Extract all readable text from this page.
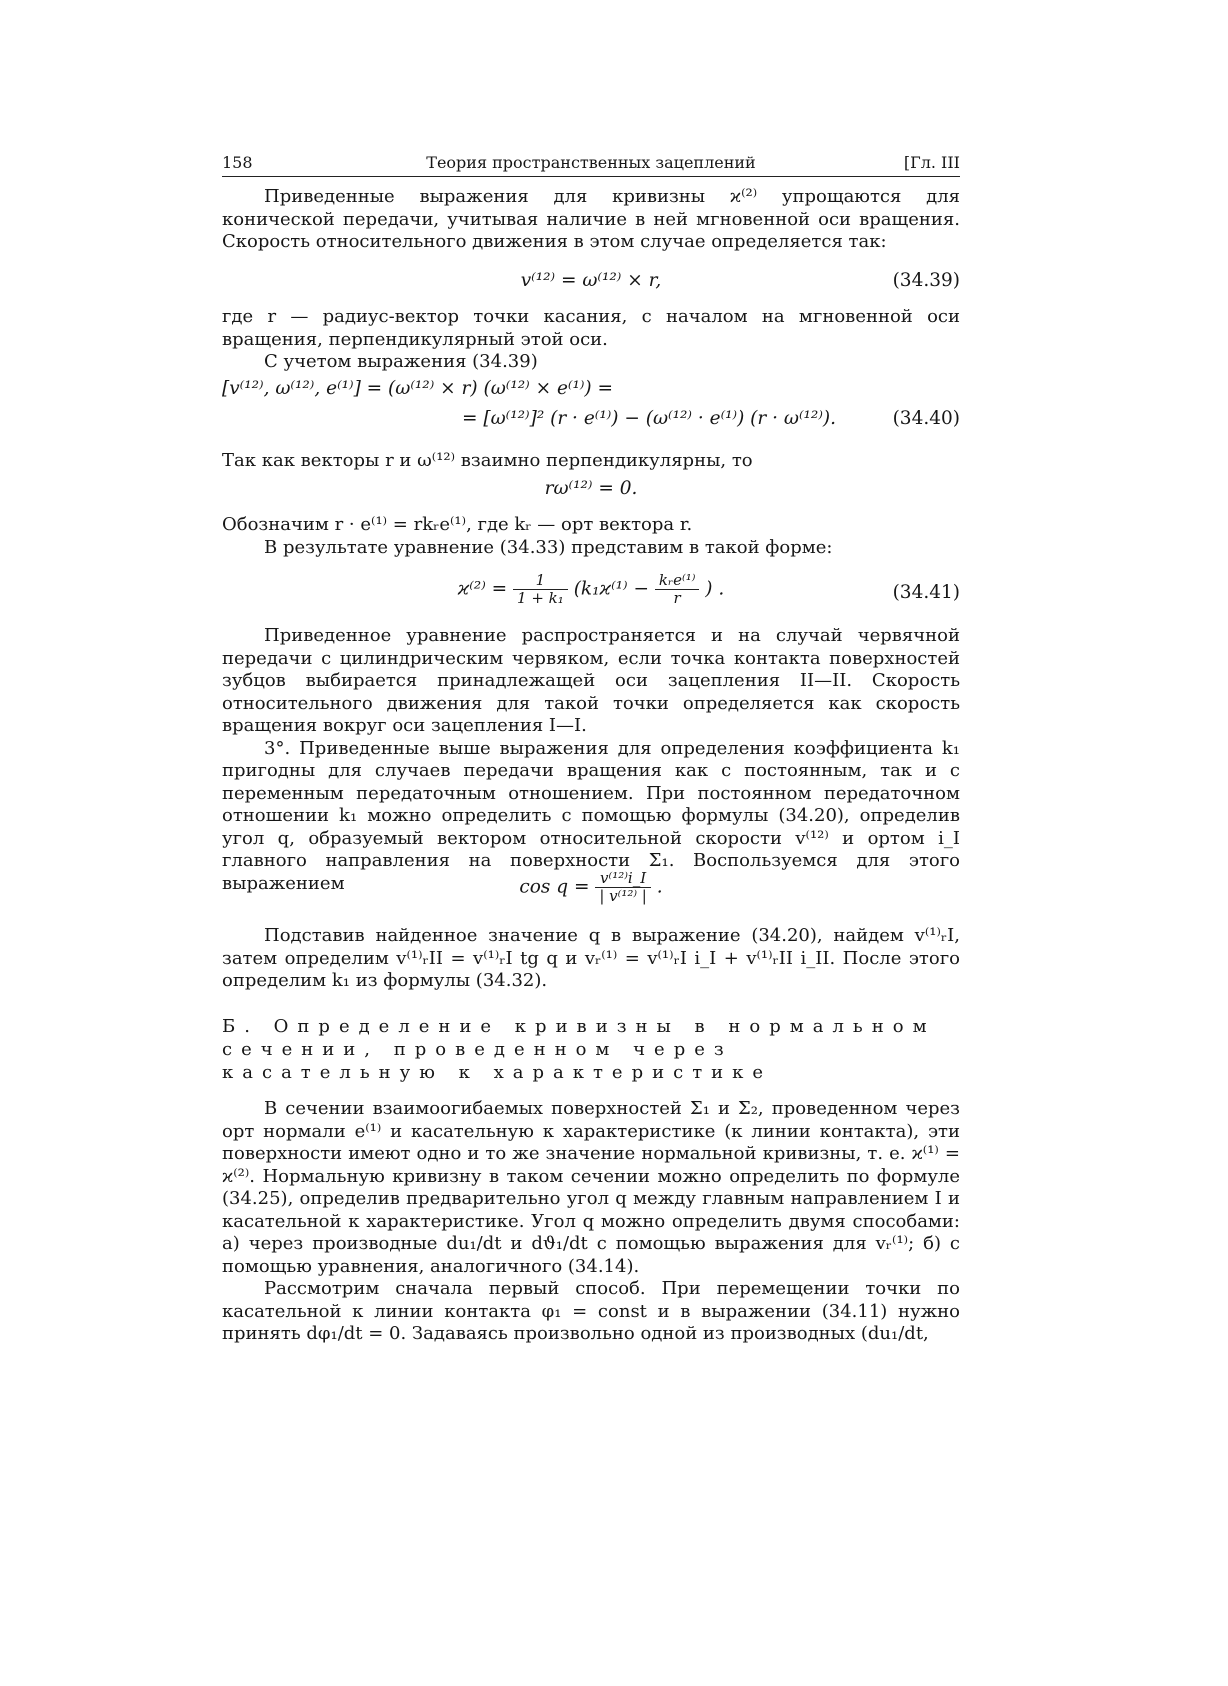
158	Теория пространственных зацеплений	[Гл. III

Приведенные выражения для кривизны ϰ⁽²⁾ упрощаются для конической передачи, учитывая наличие в ней мгновенной оси вращения. Скорость относительного движения в этом случае определяется так:

v⁽¹²⁾ = ω⁽¹²⁾ × r,	(34.39)

где r — радиус-вектор точки касания, с началом на мгновенной оси вращения, перпендикулярный этой оси.

С учетом выражения (34.39)

[v⁽¹²⁾, ω⁽¹²⁾, e⁽¹⁾] = (ω⁽¹²⁾ × r) (ω⁽¹²⁾ × e⁽¹⁾) =
= [ω⁽¹²⁾]² (r · e⁽¹⁾) − (ω⁽¹²⁾ · e⁽¹⁾) (r · ω⁽¹²⁾).	(34.40)

Так как векторы r и ω⁽¹²⁾ взаимно перпендикулярны, то

rω⁽¹²⁾ = 0.

Обозначим r · e⁽¹⁾ = rkᵣe⁽¹⁾, где kᵣ — орт вектора r.

В результате уравнение (34.33) представим в такой форме:

$ϰ^{(2)} = \frac{1}{\text{1 + k₁}} (k_1ϰ^{(1)} - \frac{\text{kᵣe⁽¹⁾}}{r}$ ) .	(34.41)

Приведенное уравнение распространяется и на случай червячной передачи с цилиндрическим червяком, если точка контакта поверхностей зубцов выбирается принадлежащей оси зацепления II—II. Скорость относительного движения для такой точки определяется как скорость вращения вокруг оси зацепления I—I.

3°. Приведенные выше выражения для определения коэффициента k₁ пригодны для случаев передачи вращения как с постоянным, так и с переменным передаточным отношением. При постоянном передаточном отношении k₁ можно определить с помощью формулы (34.20), определив угол q, образуемый вектором относительной скорости v⁽¹²⁾ и ортом i_I главного направления на поверхности Σ₁. Воспользуемся для этого выражением	$\cos q = \frac{\text{v⁽¹²⁾i\_I}}{\text{| v⁽¹²⁾ |}}$ .

Подставив найденное значение q в выражение (34.20), найдем v⁽¹⁾ᵣI, затем определим v⁽¹⁾ᵣII = v⁽¹⁾ᵣI tg q и vᵣ⁽¹⁾ = v⁽¹⁾ᵣI i_I + v⁽¹⁾ᵣII i_II. После этого определим k₁ из формулы (34.32).

Б. Определение кривизны в нормальном сечении, проведенном через касательную к характеристике

В сечении взаимоогибаемых поверхностей Σ₁ и Σ₂, проведенном через орт нормали e⁽¹⁾ и касательную к характеристике (к линии контакта), эти поверхности имеют одно и то же значение нормальной кривизны, т. е. ϰ⁽¹⁾ = ϰ⁽²⁾. Нормальную кривизну в таком сечении можно определить по формуле (34.25), определив предварительно угол q между главным направлением I и касательной к характеристике. Угол q можно определить двумя способами: а) через производные du₁/dt и dϑ₁/dt с помощью выражения для vᵣ⁽¹⁾; б) с помощью уравнения, аналогичного (34.14).

Рассмотрим сначала первый способ. При перемещении точки по касательной к линии контакта φ₁ = const и в выражении (34.11) нужно принять dφ₁/dt = 0. Задаваясь произвольно одной из производных (du₁/dt,
